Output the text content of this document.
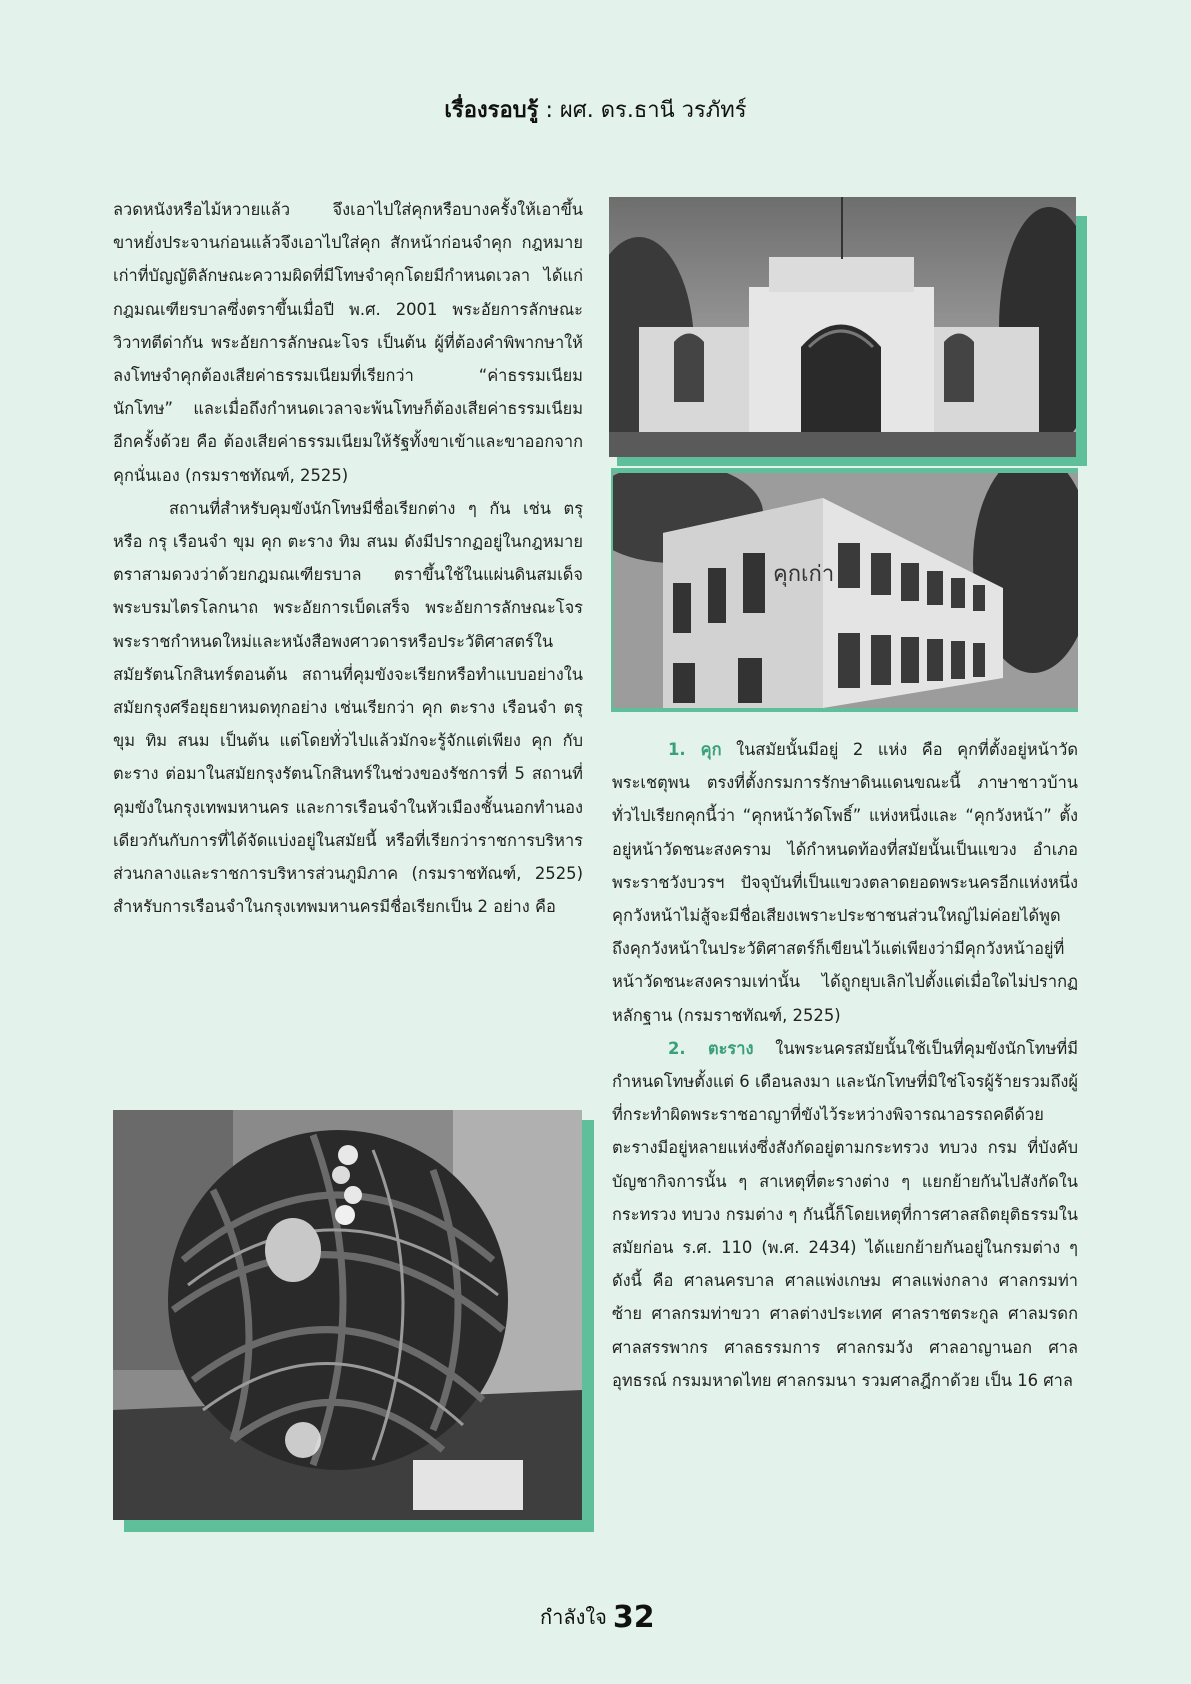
เรื่องรอบรู้ : ผศ. ดร.ธานี วรภัทร์

ลวดหนังหรือไม้หวายแล้ว จึงเอาไปใส่คุกหรือบางครั้งให้เอาขึ้นขาหยั่งประจานก่อนแล้วจึงเอาไปใส่คุก สักหน้าก่อนจำคุก กฎหมายเก่าที่บัญญัติลักษณะความผิดที่มีโทษจำคุกโดยมีกำหนดเวลา ได้แก่ กฎมณเฑียรบาลซึ่งตราขึ้นเมื่อปี พ.ศ. 2001 พระอัยการลักษณะวิวาทตีด่ากัน พระอัยการลักษณะโจร เป็นต้น ผู้ที่ต้องคำพิพากษาให้ลงโทษจำคุกต้องเสียค่าธรรมเนียมที่เรียกว่า “ค่าธรรมเนียมนักโทษ” และเมื่อถึงกำหนดเวลาจะพ้นโทษก็ต้องเสียค่าธรรมเนียมอีกครั้งด้วย คือ ต้องเสียค่าธรรมเนียมให้รัฐทั้งขาเข้าและขาออกจากคุกนั่นเอง (กรมราชทัณฑ์, 2525)

สถานที่สำหรับคุมขังนักโทษมีชื่อเรียกต่าง ๆ กัน เช่น ตรุ หรือ กรุ เรือนจำ ขุม คุก ตะราง ทิม สนม ดังมีปรากฏอยู่ในกฎหมายตราสามดวงว่าด้วยกฎมณเฑียรบาล ตราขึ้นใช้ในแผ่นดินสมเด็จพระบรมไตรโลกนาถ พระอัยการเบ็ดเสร็จ พระอัยการลักษณะโจร พระราชกำหนดใหม่และหนังสือพงศาวดารหรือประวัติศาสตร์ในสมัยรัตนโกสินทร์ตอนต้น สถานที่คุมขังจะเรียกหรือทำแบบอย่างในสมัยกรุงศรีอยุธยาหมดทุกอย่าง เช่นเรียกว่า คุก ตะราง เรือนจำ ตรุ ขุม ทิม สนม เป็นต้น แต่โดยทั่วไปแล้วมักจะรู้จักแต่เพียง คุก กับ ตะราง ต่อมาในสมัยกรุงรัตนโกสินทร์ในช่วงของรัชการที่ 5 สถานที่คุมขังในกรุงเทพมหานคร และการเรือนจำในหัวเมืองชั้นนอกทำนองเดียวกันกับการที่ได้จัดแบ่งอยู่ในสมัยนี้ หรือที่เรียกว่าราชการบริหารส่วนกลางและราชการบริหารส่วนภูมิภาค (กรมราชทัณฑ์, 2525) สำหรับการเรือนจำในกรุงเทพมหานครมีชื่อเรียกเป็น 2 อย่าง คือ

คุกเก่า

1. คุก ในสมัยนั้นมีอยู่ 2 แห่ง คือ คุกที่ตั้งอยู่หน้าวัดพระเชตุพน ตรงที่ตั้งกรมการรักษาดินแดนขณะนี้ ภาษาชาวบ้านทั่วไปเรียกคุกนี้ว่า “คุกหน้าวัดโพธิ์” แห่งหนึ่งและ “คุกวังหน้า” ตั้งอยู่หน้าวัดชนะสงคราม ได้กำหนดท้องที่สมัยนั้นเป็นแขวง อำเภอ พระราชวังบวรฯ ปัจจุบันที่เป็นแขวงตลาดยอดพระนครอีกแห่งหนึ่ง คุกวังหน้าไม่สู้จะมีชื่อเสียงเพราะประชาชนส่วนใหญ่ไม่ค่อยได้พูดถึงคุกวังหน้าในประวัติศาสตร์ก็เขียนไว้แต่เพียงว่ามีคุกวังหน้าอยู่ที่หน้าวัดชนะสงครามเท่านั้น ได้ถูกยุบเลิกไปตั้งแต่เมื่อใดไม่ปรากฏหลักฐาน (กรมราชทัณฑ์, 2525)

2. ตะราง ในพระนครสมัยนั้นใช้เป็นที่คุมขังนักโทษที่มีกำหนดโทษตั้งแต่ 6 เดือนลงมา และนักโทษที่มิใช่โจรผู้ร้ายรวมถึงผู้ที่กระทำผิดพระราชอาญาที่ขังไว้ระหว่างพิจารณาอรรถคดีด้วย ตะรางมีอยู่หลายแห่งซึ่งสังกัดอยู่ตามกระทรวง ทบวง กรม ที่บังคับบัญชากิจการนั้น ๆ สาเหตุที่ตะรางต่าง ๆ แยกย้ายกันไปสังกัดในกระทรวง ทบวง กรมต่าง ๆ กันนี้ก็โดยเหตุที่การศาลสถิตยุติธรรมในสมัยก่อน ร.ศ. 110 (พ.ศ. 2434) ได้แยกย้ายกันอยู่ในกรมต่าง ๆ ดังนี้ คือ ศาลนครบาล ศาลแพ่งเกษม ศาลแพ่งกลาง ศาลกรมท่าซ้าย ศาลกรมท่าขวา ศาลต่างประเทศ ศาลราชตระกูล ศาลมรดก ศาลสรรพากร ศาลธรรมการ ศาลกรมวัง ศาลอาญานอก ศาลอุทธรณ์ กรมมหาดไทย ศาลกรมนา รวมศาลฎีกาด้วย เป็น 16 ศาล

กำลังใจ 32
